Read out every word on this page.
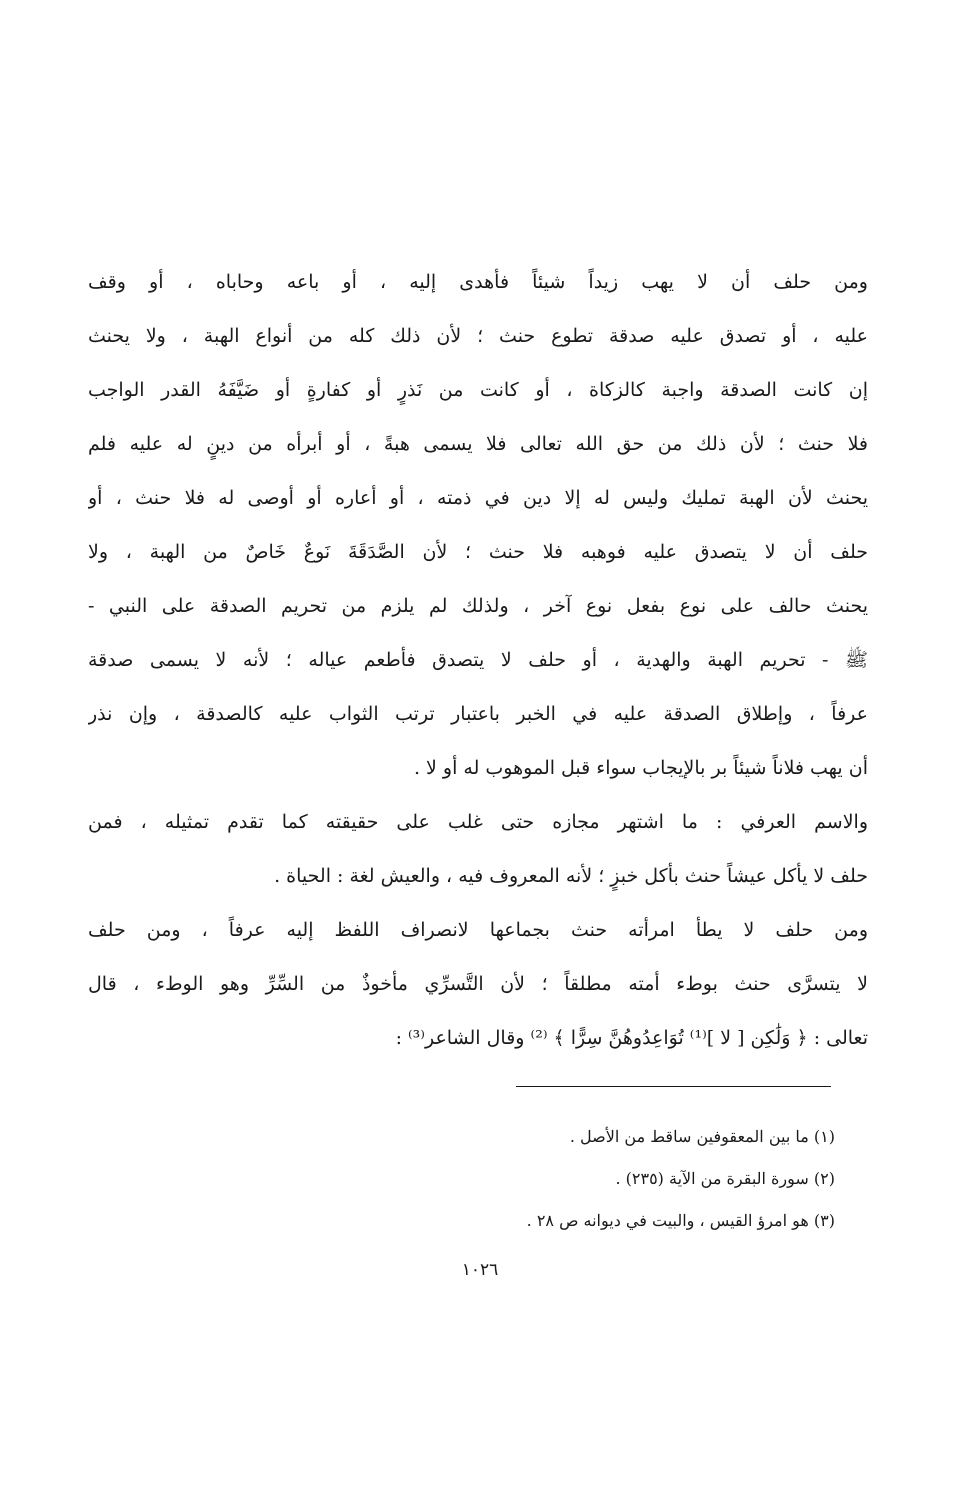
ومن حلف أن لا يهب زيداً شيئاً فأهدى إليه ، أو باعه وحاباه ، أو وقف
عليه ، أو تصدق عليه صدقة تطوع حنث ؛ لأن ذلك كله من أنواع الهبة ، ولا يحنث
إن كانت الصدقة واجبة كالزكاة ، أو كانت من نَذرٍ أو كفارةٍ أو ضَيَّفَهُ القدر الواجب
فلا حنث ؛ لأن ذلك من حق الله تعالى فلا يسمى هبةً ، أو أبرأه من دينٍ له عليه فلم
يحنث لأن الهبة تمليك وليس له إلا دين في ذمته ، أو أعاره أو أوصى له فلا حنث ، أو
حلف أن لا يتصدق عليه فوهبه فلا حنث ؛ لأن الصَّدَقَةَ نَوعٌ خَاصٌ من الهبة ، ولا
يحنث حالف على نوع بفعل نوع آخر ، ولذلك لم يلزم من تحريم الصدقة على النبي -
ﷺ - تحريم الهبة والهدية ، أو حلف لا يتصدق فأطعم عياله ؛ لأنه لا يسمى صدقة
عرفاً ، وإطلاق الصدقة عليه في الخبر باعتبار ترتب الثواب عليه كالصدقة ، وإن نذر
أن يهب فلاناً شيئاً بر بالإيجاب سواء قبل الموهوب له أو لا .
والاسم العرفي : ما اشتهر مجازه حتى غلب على حقيقته كما تقدم تمثيله ، فمن
حلف لا يأكل عيشاً حنث بأكل خبزٍ ؛ لأنه المعروف فيه ، والعيش لغة : الحياة .
ومن حلف لا يطأ امرأته حنث بجماعها لانصراف اللفظ إليه عرفاً ، ومن حلف
لا يتسرَّى حنث بوطء أمته مطلقاً ؛ لأن التَّسرِّي مأخوذٌ من السِّرِّ وهو الوطء ، قال
تعالى : ﴿ وَلَٰكِن [ لا ]⁽¹⁾ تُوَاعِدُوهُنَّ سِرًّا ﴾ ⁽²⁾ وقال الشاعر⁽³⁾ :
(١) ما بين المعقوفين ساقط من الأصل .
(٢) سورة البقرة من الآية (٢٣٥) .
(٣) هو امرؤ القيس ، والبيت في ديوانه ص ٢٨ .
١٠٢٦
